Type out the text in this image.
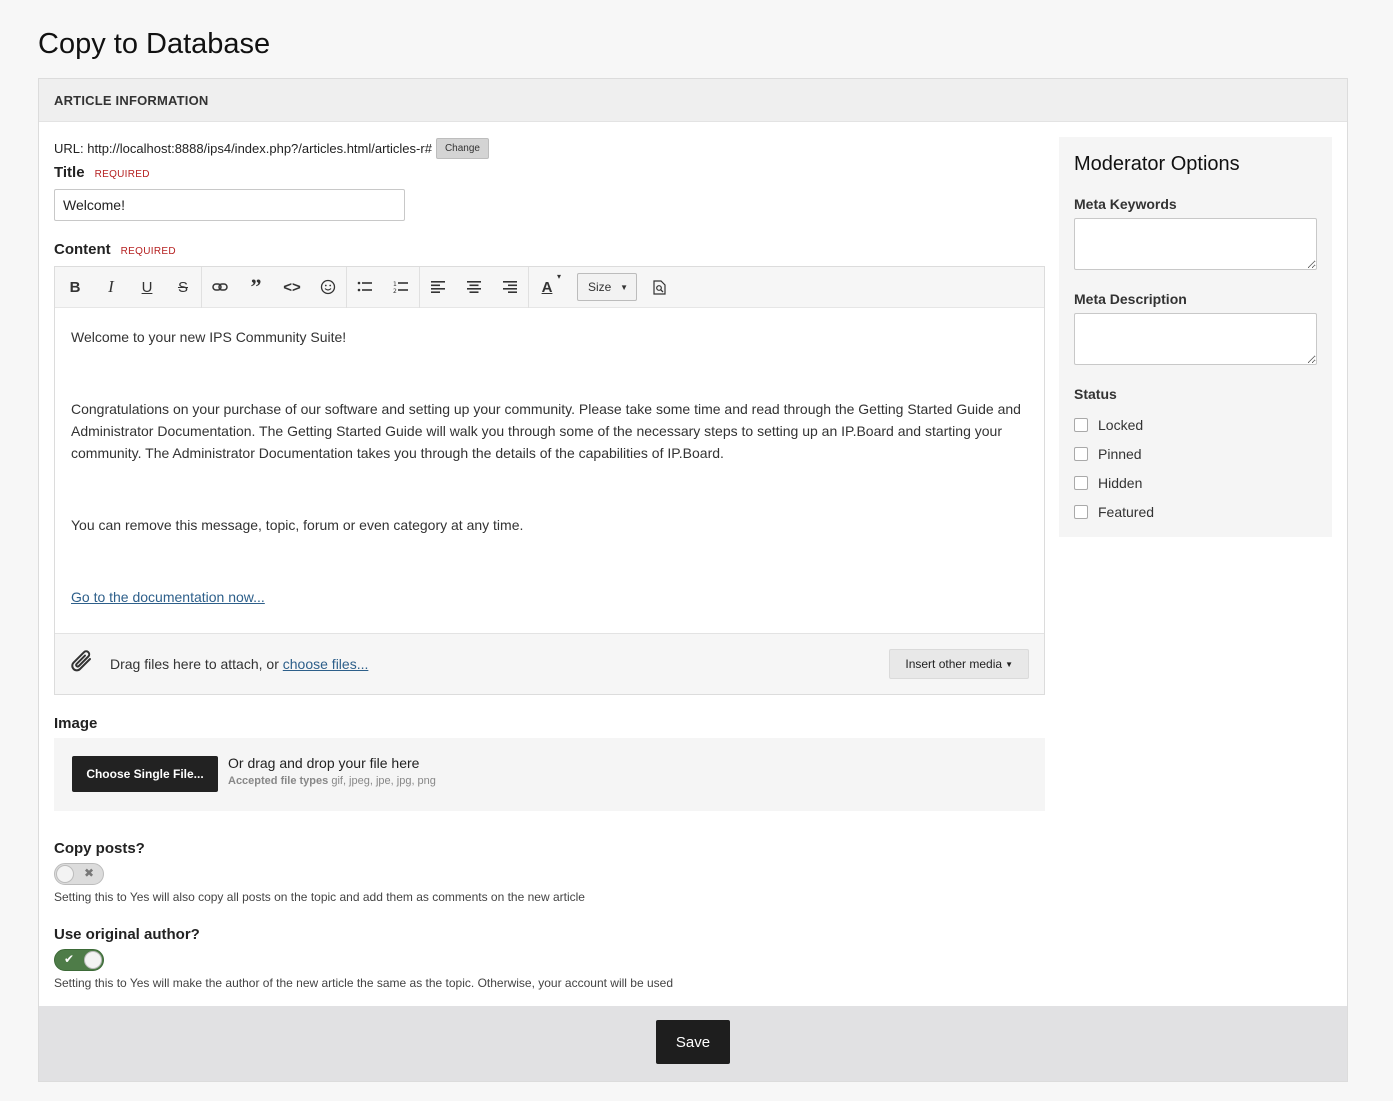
Copy to Database
ARTICLE INFORMATION
URL:
http://localhost:8888/ips4/index.php?/articles.html/articles-r#	Change
Title REQUIRED
Welcome!
Content REQUIRED
B	I	U	S	”	<>	1
2	A
▾
Size ▼

Welcome to your new IPS Community Suite!

Congratulations on your purchase of our software and setting up your community. Please take some time and read through the Getting Started Guide and Administrator Documentation. The Getting Started Guide will walk you through some of the necessary steps to setting up an IP.Board and starting your community. The Administrator Documentation takes you through the details of the capabilities of IP.Board.

You can remove this message, topic, forum or even category at any time.

Go to the documentation now...

Drag files here to attach, or choose files...	Insert other media ▼
Image
Choose Single File...
Or drag and drop your file here
Accepted file types gif, jpeg, jpe, jpg, png
Copy posts?
✖
Setting this to Yes will also copy all posts on the topic and add them as comments on the new article
Use original author?
✔
Setting this to Yes will make the author of the new article the same as the topic. Otherwise, your account will be used
Moderator Options
Meta Keywords
Meta Description
Status
Locked
Pinned
Hidden
Featured
Save
